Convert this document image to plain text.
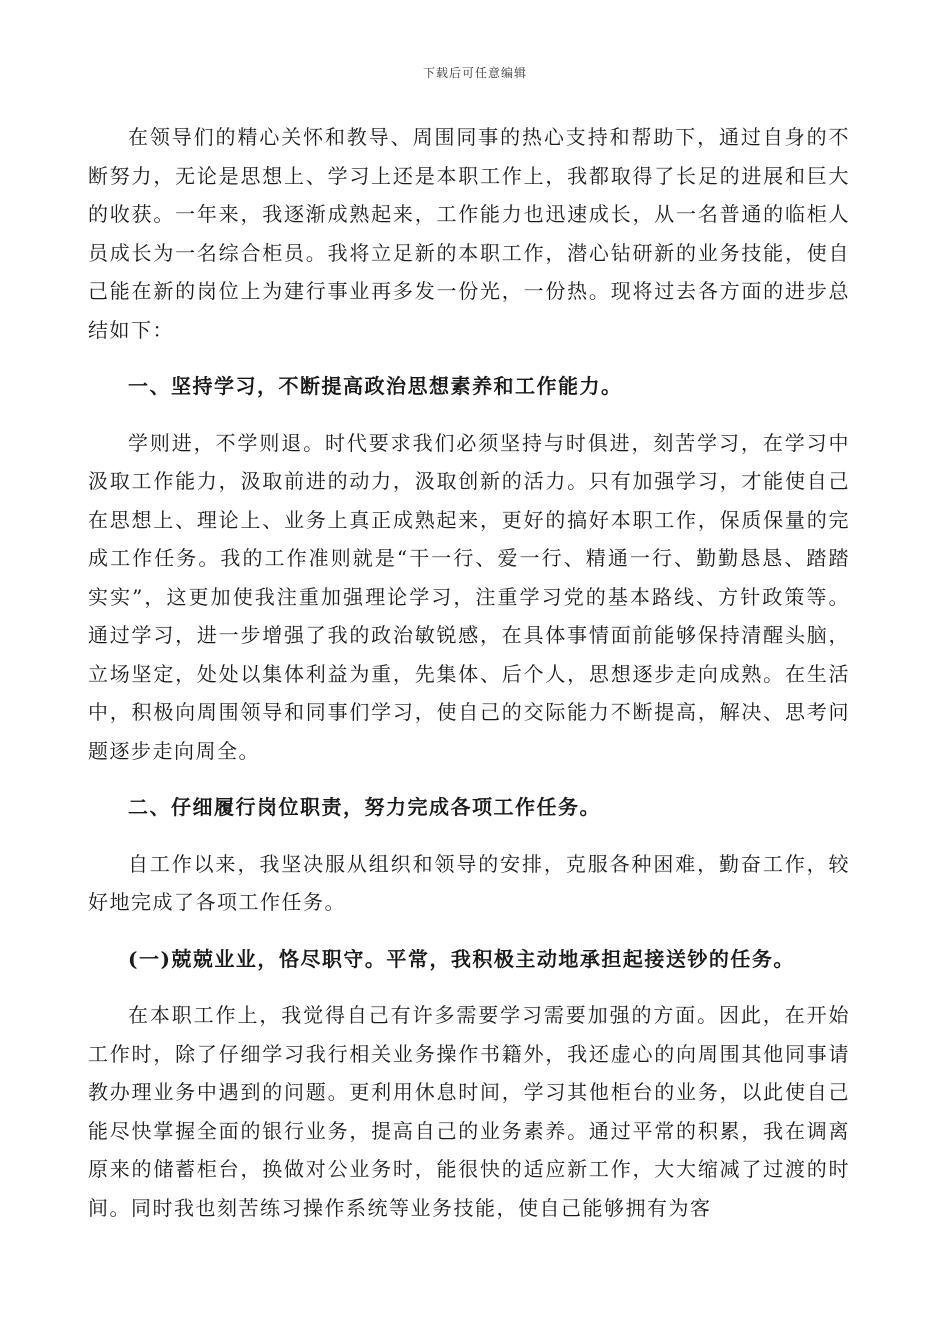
下载后可任意编辑

在领导们的精心关怀和教导、周围同事的热心支持和帮助下，通过自身的不断努力，无论是思想上、学习上还是本职工作上，我都取得了长足的进展和巨大的收获。一年来，我逐渐成熟起来，工作能力也迅速成长，从一名普通的临柜人员成长为一名综合柜员。我将立足新的本职工作，潜心钻研新的业务技能，使自己能在新的岗位上为建行事业再多发一份光，一份热。现将过去各方面的进步总结如下：

一、坚持学习，不断提高政治思想素养和工作能力。

学则进，不学则退。时代要求我们必须坚持与时俱进，刻苦学习，在学习中汲取工作能力，汲取前进的动力，汲取创新的活力。只有加强学习，才能使自己在思想上、理论上、业务上真正成熟起来，更好的搞好本职工作，保质保量的完成工作任务。我的工作准则就是“干一行、爱一行、精通一行、勤勤恳恳、踏踏实实”，这更加使我注重加强理论学习，注重学习党的基本路线、方针政策等。通过学习，进一步增强了我的政治敏锐感，在具体事情面前能够保持清醒头脑，立场坚定，处处以集体利益为重，先集体、后个人，思想逐步走向成熟。在生活中，积极向周围领导和同事们学习，使自己的交际能力不断提高，解决、思考问题逐步走向周全。

二、仔细履行岗位职责，努力完成各项工作任务。

自工作以来，我坚决服从组织和领导的安排，克服各种困难，勤奋工作，较好地完成了各项工作任务。

(一)兢兢业业，恪尽职守。平常，我积极主动地承担起接送钞的任务。

在本职工作上，我觉得自己有许多需要学习需要加强的方面。因此，在开始工作时，除了仔细学习我行相关业务操作书籍外，我还虚心的向周围其他同事请教办理业务中遇到的问题。更利用休息时间，学习其他柜台的业务，以此使自己能尽快掌握全面的银行业务，提高自己的业务素养。通过平常的积累，我在调离原来的储蓄柜台，换做对公业务时，能很快的适应新工作，大大缩减了过渡的时间。同时我也刻苦练习操作系统等业务技能，使自己能够拥有为客
